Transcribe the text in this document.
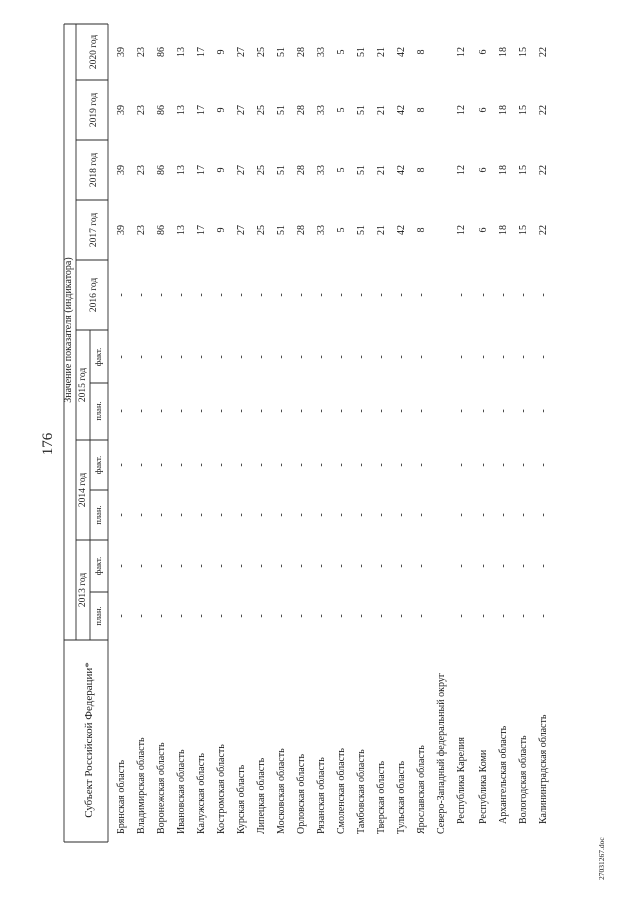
176
27031267.doc
Субъект Российской Федерации*
Значение показателя (индикатора)
2013 год
план.
факт.
2014 год
план.
факт.
2015 год
план.
факт.
2016 год
2017 год
2018 год
2019 год
2020 год
Брянская область
-
-
-
-
-
-
-
39
39
39
39
Владимирская область
-
-
-
-
-
-
-
23
23
23
23
Воронежская область
-
-
-
-
-
-
-
86
86
86
86
Ивановская область
-
-
-
-
-
-
-
13
13
13
13
Калужская область
-
-
-
-
-
-
-
17
17
17
17
Костромская область
-
-
-
-
-
-
-
9
9
9
9
Курская область
-
-
-
-
-
-
-
27
27
27
27
Липецкая область
-
-
-
-
-
-
-
25
25
25
25
Московская область
-
-
-
-
-
-
-
51
51
51
51
Орловская область
-
-
-
-
-
-
-
28
28
28
28
Рязанская область
-
-
-
-
-
-
-
33
33
33
33
Смоленская область
-
-
-
-
-
-
-
5
5
5
5
Тамбовская область
-
-
-
-
-
-
-
51
51
51
51
Тверская область
-
-
-
-
-
-
-
21
21
21
21
Тульская область
-
-
-
-
-
-
-
42
42
42
42
Ярославская область
-
-
-
-
-
-
-
8
8
8
8
Северо-Западный федеральный округ Республика Карелия
-
-
-
-
-
-
-
12
12
12
12
Республика Коми
-
-
-
-
-
-
-
6
6
6
6
Архангельская область
-
-
-
-
-
-
-
18
18
18
18
Вологодская область
-
-
-
-
-
-
-
15
15
15
15
Калининградская область
-
-
-
-
-
-
-
22
22
22
22
